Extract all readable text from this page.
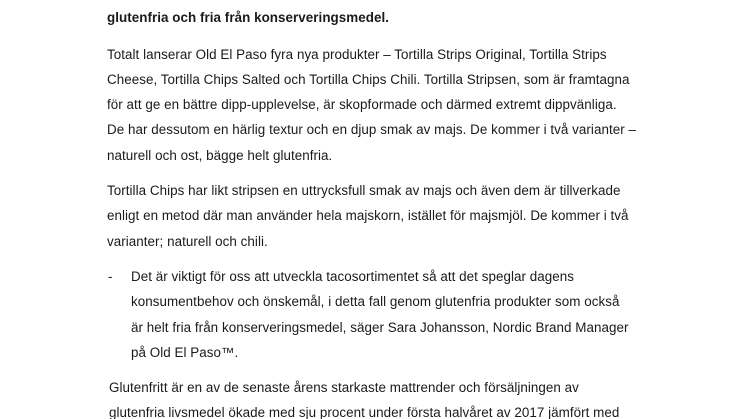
glutenfria och fria från konserveringsmedel.
Totalt lanserar Old El Paso fyra nya produkter – Tortilla Strips Original, Tortilla Strips
Cheese, Tortilla Chips Salted och Tortilla Chips Chili. Tortilla Stripsen, som är framtagna
för att ge en bättre dipp-upplevelse, är skopformade och därmed extremt dippvänliga.
De har dessutom en härlig textur och en djup smak av majs. De kommer i två varianter –
naturell och ost, bägge helt glutenfria.
Tortilla Chips har likt stripsen en uttrycksfull smak av majs och även dem är tillverkade
enligt en metod där man använder hela majskorn, istället för majsmjöl. De kommer i två
varianter; naturell och chili.
- Det är viktigt för oss att utveckla tacosortimentet så att det speglar dagens
konsumentbehov och önskemål, i detta fall genom glutenfria produkter som också
är helt fria från konserveringsmedel, säger Sara Johansson, Nordic Brand Manager
på Old El Paso™.
Glutenfritt är en av de senaste årens starkaste mattrender och försäljningen av
glutenfria livsmedel ökade med sju procent under första halvåret av 2017 jämfört med
